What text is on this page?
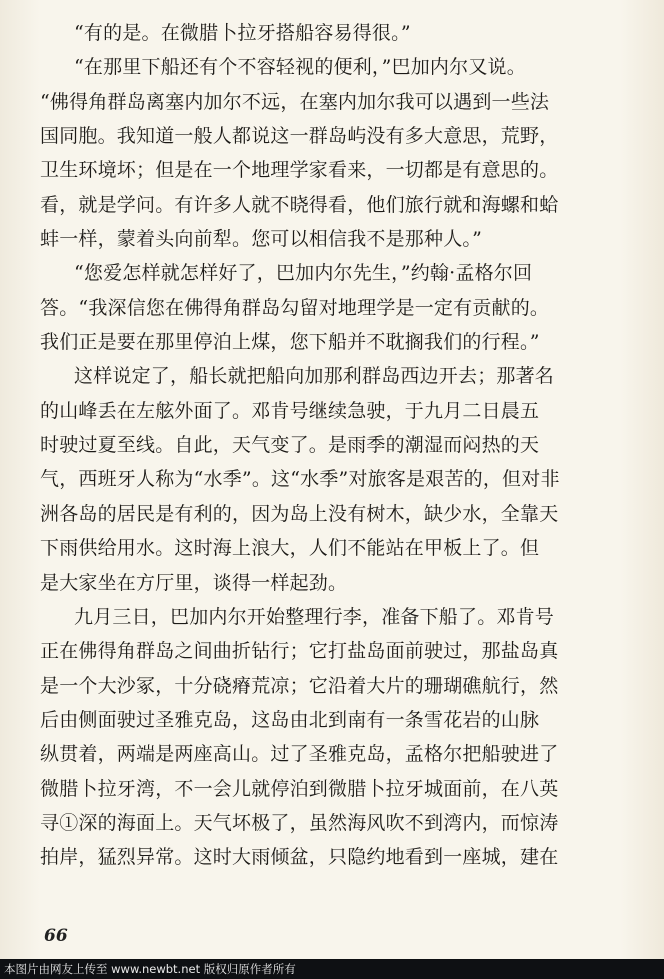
“有的是。在微腊卜拉牙搭船容易得很。”
“在那里下船还有个不容轻视的便利，”巴加内尔又说。
“佛得角群岛离塞内加尔不远，在塞内加尔我可以遇到一些法
国同胞。我知道一般人都说这一群岛屿没有多大意思，荒野，
卫生环境坏；但是在一个地理学家看来，一切都是有意思的。
看，就是学问。有许多人就不晓得看，他们旅行就和海螺和蛤
蚌一样，蒙着头向前犁。您可以相信我不是那种人。”
“您爱怎样就怎样好了，巴加内尔先生，”约翰·孟格尔回
答。“我深信您在佛得角群岛勾留对地理学是一定有贡献的。
我们正是要在那里停泊上煤，您下船并不耽搁我们的行程。”
这样说定了，船长就把船向加那利群岛西边开去；那著名
的山峰丢在左舷外面了。邓肯号继续急驶，于九月二日晨五
时驶过夏至线。自此，天气变了。是雨季的潮湿而闷热的天
气，西班牙人称为“水季”。这“水季”对旅客是艰苦的，但对非
洲各岛的居民是有利的，因为岛上没有树木，缺少水，全靠天
下雨供给用水。这时海上浪大，人们不能站在甲板上了。但
是大家坐在方厅里，谈得一样起劲。
九月三日，巴加内尔开始整理行李，准备下船了。邓肯号
正在佛得角群岛之间曲折钻行；它打盐岛面前驶过，那盐岛真
是一个大沙冢，十分硗瘠荒凉；它沿着大片的珊瑚礁航行，然
后由侧面驶过圣雅克岛，这岛由北到南有一条雪花岩的山脉
纵贯着，两端是两座高山。过了圣雅克岛，孟格尔把船驶进了
微腊卜拉牙湾，不一会儿就停泊到微腊卜拉牙城面前，在八英
寻①深的海面上。天气坏极了，虽然海风吹不到湾内，而惊涛
拍岸，猛烈异常。这时大雨倾盆，只隐约地看到一座城，建在
66
本图片由网友上传至 www.newbt.net 版权归原作者所有
